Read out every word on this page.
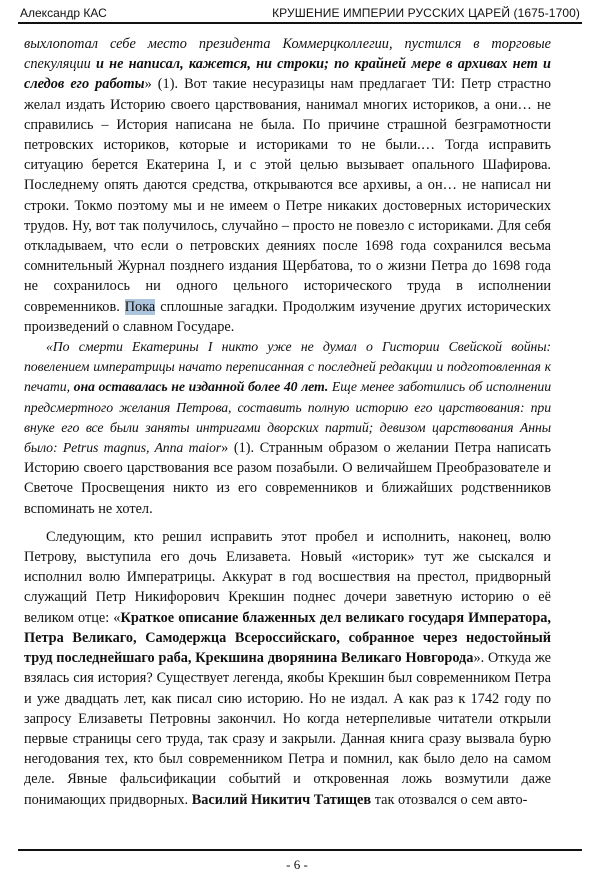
Александр КАС	КРУШЕНИЕ ИМПЕРИИ РУССКИХ ЦАРЕЙ (1675-1700)

выхлопотал себе место президента Коммерцколлегии, пустился в торговые спекуляции и не написал, кажется, ни строки; по крайней мере в архивах нет и следов его работы» (1). Вот такие несуразицы нам предлагает ТИ: Петр страстно желал издать Историю своего царствования, нанимал многих историков, а они… не справились – История написана не была. По причине страшной безграмотности петровских историков, которые и историками то не были.… Тогда исправить ситуацию берется Екатерина I, и с этой целью вызывает опального Шафирова. Последнему опять даются средства, открываются все архивы, а он… не написал ни строки. Токмо поэтому мы и не имеем о Петре никаких достоверных исторических трудов. Ну, вот так получилось, случайно – просто не повезло с историками. Для себя откладываем, что если о петровских деяниях после 1698 года сохранился весьма сомнительный Журнал позднего издания Щербатова, то о жизни Петра до 1698 года не сохранилось ни одного цельного исторического труда в исполнении современников. Пока сплошные загадки. Продолжим изучение других исторических произведений о славном Государе.

«По смерти Екатерины I никто уже не думал о Гистории Свейской войны: повелением императрицы начато переписанная с последней редакции и подготовленная к печати, она оставалась не изданной более 40 лет. Еще менее заботились об исполнении предсмертного желания Петрова, составить полную историю его царствования: при внуке его все были заняты интригами дворских партий; девизом царствования Анны было: Petrus magnus, Anna maior» (1). Странным образом о желании Петра написать Историю своего царствования все разом позабыли. О величайшем Преобразователе и Светоче Просвещения никто из его современников и ближайших родственников вспоминать не хотел.

Следующим, кто решил исправить этот пробел и исполнить, наконец, волю Петрову, выступила его дочь Елизавета. Новый «историк» тут же сыскался и исполнил волю Императрицы. Аккурат в год восшествия на престол, придворный служащий Петр Никифорович Крекшин поднес дочери заветную историю о её великом отце: «Краткое описание блаженных дел великаго государя Императора, Петра Великаго, Самодержца Всероссийскаго, собранное через недостойный труд последнейшаго раба, Крекшина дворянина Великаго Новгорода». Откуда же взялась сия история? Существует легенда, якобы Крекшин был современником Петра и уже двадцать лет, как писал сию историю. Но не издал. А как раз к 1742 году по запросу Елизаветы Петровны закончил. Но когда нетерпеливые читатели открыли первые страницы сего труда, так сразу и закрыли. Данная книга сразу вызвала бурю негодования тех, кто был современником Петра и помнил, как было дело на самом деле. Явные фальсификации событий и откровенная ложь возмутили даже понимающих придворных. Василий Никитич Татищев так отозвался о сем авто-

- 6 -
